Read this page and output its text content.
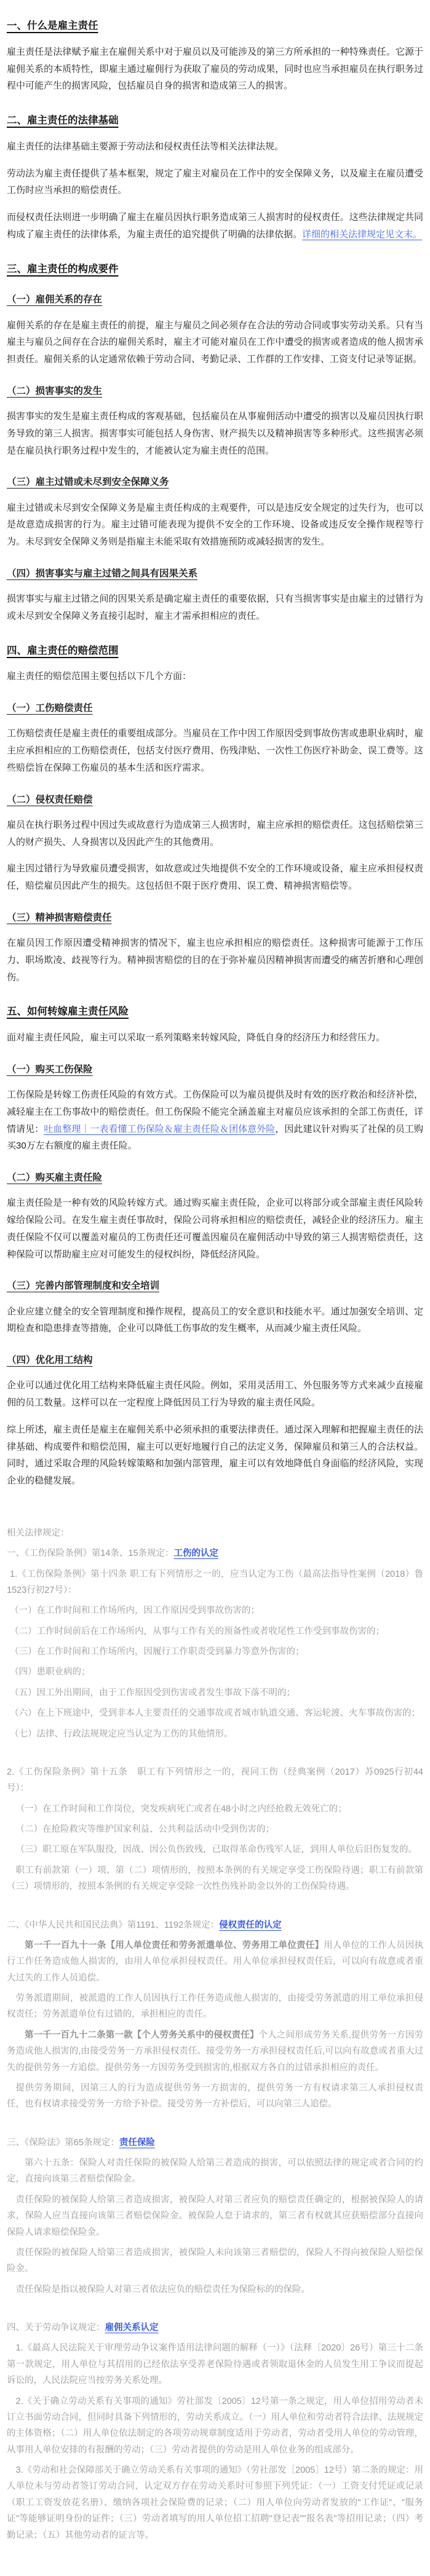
一、什么是雇主责任

雇主责任是法律赋予雇主在雇佣关系中对于雇员以及可能涉及的第三方所承担的一种特殊责任。它源于雇佣关系的本质特性，即雇主通过雇佣行为获取了雇员的劳动成果，同时也应当承担雇员在执行职务过程中可能产生的损害风险，包括雇员自身的损害和造成第三人的损害。

二、雇主责任的法律基础

雇主责任的法律基础主要源于劳动法和侵权责任法等相关法律法规。

劳动法为雇主责任提供了基本框架，规定了雇主对雇员在工作中的安全保障义务，以及雇主在雇员遭受工伤时应当承担的赔偿责任。

而侵权责任法则进一步明确了雇主在雇员因执行职务造成第三人损害时的侵权责任。这些法律规定共同构成了雇主责任的法律体系，为雇主责任的追究提供了明确的法律依据。详细的相关法律规定见文末。

三、雇主责任的构成要件
（一）雇佣关系的存在

雇佣关系的存在是雇主责任的前提，雇主与雇员之间必须存在合法的劳动合同或事实劳动关系。只有当雇主与雇员之间存在合法的雇佣关系时，雇主才可能对雇员在工作中遭受的损害或者造成的他人损害承担责任。雇佣关系的认定通常依赖于劳动合同、考勤记录、工作群的工作安排、工资支付记录等证据。

（二）损害事实的发生

损害事实的发生是雇主责任构成的客观基础，包括雇员在从事雇佣活动中遭受的损害以及雇员因执行职务导致的第三人损害。损害事实可能包括人身伤害、财产损失以及精神损害等多种形式。这些损害必须是在雇员执行职务过程中发生的，才能被认定为雇主责任的范围。

（三）雇主过错或未尽到安全保障义务

雇主过错或未尽到安全保障义务是雇主责任构成的主观要件，可以是违反安全规定的过失行为，也可以是故意造成损害的行为。雇主过错可能表现为提供不安全的工作环境、设备或违反安全操作规程等行为。未尽到安全保障义务则是指雇主未能采取有效措施预防或减轻损害的发生。

（四）损害事实与雇主过错之间具有因果关系

损害事实与雇主过错之间的因果关系是确定雇主责任的重要依据，只有当损害事实是由雇主的过错行为或未尽到安全保障义务直接引起时，雇主才需承担相应的责任。

四、雇主责任的赔偿范围

雇主责任的赔偿范围主要包括以下几个方面：

（一）工伤赔偿责任

工伤赔偿责任是雇主责任的重要组成部分。当雇员在工作中因工作原因受到事故伤害或患职业病时，雇主应承担相应的工伤赔偿责任，包括支付医疗费用、伤残津贴、一次性工伤医疗补助金、误工费等。这些赔偿旨在保障工伤雇员的基本生活和医疗需求。

（二）侵权责任赔偿

雇员在执行职务过程中因过失或故意行为造成第三人损害时，雇主应承担的赔偿责任。这包括赔偿第三人的财产损失、人身损害以及因此产生的其他费用。

雇主因过错行为导致雇员遭受损害，如故意或过失地提供不安全的工作环境或设备，雇主应承担侵权责任，赔偿雇员因此产生的损失。这包括但不限于医疗费用、误工费、精神损害赔偿等。

（三）精神损害赔偿责任

在雇员因工作原因遭受精神损害的情况下，雇主也应承担相应的赔偿责任。这种损害可能源于工作压力、职场欺凌、歧视等行为。精神损害赔偿的目的在于弥补雇员因精神损害而遭受的痛苦折磨和心理创伤。

五、如何转嫁雇主责任风险

面对雇主责任风险，雇主可以采取一系列策略来转嫁风险，降低自身的经济压力和经营压力。

（一）购买工伤保险

工伤保险是转嫁工伤责任风险的有效方式。工伤保险可以为雇员提供及时有效的医疗救治和经济补偿，减轻雇主在工伤事故中的赔偿责任。但工伤保险不能完全涵盖雇主对雇员应该承担的全部工伤责任，详情请见：吐血整理｜一表看懂工伤保险＆雇主责任险＆团体意外险，因此建议针对购买了社保的员工购买30万左右额度的雇主责任险。

（二）购买雇主责任险

雇主责任险是一种有效的风险转嫁方式。通过购买雇主责任险，企业可以将部分或全部雇主责任风险转嫁给保险公司。在发生雇主责任事故时，保险公司将承担相应的赔偿责任，减轻企业的经济压力。雇主责任保险不仅可以覆盖对雇员的工伤责任还可覆盖因雇员在雇佣活动中导致的第三人损害赔偿责任，这种保险可以帮助雇主应对可能发生的侵权纠纷，降低经济风险。

（三）完善内部管理制度和安全培训

企业应建立健全的安全管理制度和操作规程，提高员工的安全意识和技能水平。通过加强安全培训、定期检查和隐患排查等措施，企业可以降低工伤事故的发生概率，从而减少雇主责任风险。

（四）优化用工结构

企业可以通过优化用工结构来降低雇主责任风险。例如，采用灵活用工、外包服务等方式来减少直接雇佣的员工数量。这样可以在一定程度上降低因员工行为导致的雇主责任风险。

综上所述，雇主责任是雇主在雇佣关系中必须承担的重要法律责任。通过深入理解和把握雇主责任的法律基础、构成要件和赔偿范围，雇主可以更好地履行自己的法定义务，保障雇员和第三人的合法权益。同时，通过采取合理的风险转嫁策略和加强内部管理，雇主可以有效地降低自身面临的经济风险，实现企业的稳健发展。

相关法律规定：

一、《工伤保险条例》第14条、15条规定：工伤的认定

1.《工伤保险条例》第十四条 职工有下列情形之一的，应当认定为工伤（最高法指导性案例（2018）鲁1523行初27号）：

（一）在工作时间和工作场所内，因工作原因受到事故伤害的；

（二）工作时间前后在工作场所内，从事与工作有关的预备性或者收尾性工作受到事故伤害的；

（三）在工作时间和工作场所内，因履行工作职责受到暴力等意外伤害的；

（四）患职业病的；

（五）因工外出期间，由于工作原因受到伤害或者发生事故下落不明的；

（六）在上下班途中，受到非本人主要责任的交通事故或者城市轨道交通、客运轮渡、火车事故伤害的；

（七）法律、行政法规规定应当认定为工伤的其他情形。

2.《工伤保险条例》第十五条　职工有下列情形之一的，视同工伤（经典案例（2017）苏0925行初44号）：

（一）在工作时间和工作岗位，突发疾病死亡或者在48小时之内经抢救无效死亡的；

（二）在抢险救灾等维护国家利益、公共利益活动中受到伤害的；

（三）职工原在军队服役，因战、因公负伤致残，已取得革命伤残军人证，到用人单位后旧伤复发的。

职工有前款第（一）项、第（二）项情形的，按照本条例的有关规定享受工伤保险待遇；职工有前款第（三）项情形的，按照本条例的有关规定享受除一次性伤残补助金以外的工伤保险待遇。

二、《中华人民共和国民法典》第1191、1192条规定：侵权责任的认定

第一千一百九十一条【用人单位责任和劳务派遣单位、劳务用工单位责任】用人单位的工作人员因执行工作任务造成他人损害的，由用人单位承担侵权责任。用人单位承担侵权责任后，可以向有故意或者重大过失的工作人员追偿。

劳务派遣期间，被派遣的工作人员因执行工作任务造成他人损害的，由接受劳务派遣的用工单位承担侵权责任；劳务派遣单位有过错的，承担相应的责任。

第一千一百九十二条第一款【个人劳务关系中的侵权责任】个人之间形成劳务关系,提供劳务一方因劳务造成他人损害的,由接受劳务一方承担侵权责任。接受劳务一方承担侵权责任后,可以向有故意或者重大过失的提供劳务一方追偿。提供劳务一方因劳务受到损害的,根据双方各自的过错承担相应的责任。

提供劳务期间，因第三人的行为造成提供劳务一方损害的，提供劳务一方有权请求第三人承担侵权责任，也有权请求接受劳务一方给予补偿。接受劳务一方补偿后，可以向第三人追偿。

三、《保险法》第65条规定：责任保险

第六十五条：保险人对责任保险的被保险人给第三者造成的损害，可以依照法律的规定或者合同的约定，直接向该第三者赔偿保险金。

责任保险的被保险人给第三者造成损害，被保险人对第三者应负的赔偿责任确定的，根据被保险人的请求，保险人应当直接向该第三者赔偿保险金。被保险人怠于请求的，第三者有权就其应获赔偿部分直接向保险人请求赔偿保险金。

责任保险的被保险人给第三者造成损害，被保险人未向该第三者赔偿的，保险人不得向被保险人赔偿保险金。

责任保险是指以被保险人对第三者依法应负的赔偿责任为保险标的的保险。

四、关于劳动争议规定：雇佣关系认定

1.《最高人民法院关于审理劳动争议案件适用法律问题的解释（一）》（法释〔2020〕26号）第三十二条第一款规定，用人单位与其招用的已经依法享受养老保险待遇或者领取退休金的人员发生用工争议而提起诉讼的，人民法院应当按劳务关系处理。

2.《关于确立劳动关系有关事项的通知》劳社部发〔2005〕12号第一条之规定，用人单位招用劳动者未订立书面劳动合同，但同时具备下列情形的，劳动关系成立。（一）用人单位和劳动者符合法律、法规规定的主体资格；（二）用人单位依法制定的各项劳动规章制度适用于劳动者，劳动者受用人单位的劳动管理，从事用人单位安排的有报酬的劳动；（三）劳动者提供的劳动是用人单位业务的组成部分。

3.《劳动和社会保障部关于确立劳动关系有关事项的通知》（劳社部发［2005］12号）第二条的规定：用人单位未与劳动者签订劳动合同，认定双方存在劳动关系时可参照下列凭证：（一）工资支付凭证或记录（职工工资发放花名册）、缴纳各项社会保险费的记录；（二）用人单位向劳动者发放的"工作证"、"服务证"等能够证明身份的证件；（三）劳动者填写的用人单位招工招聘"登记表""报名表"等招用记录；（四）考勤记录；（五）其他劳动者的证言等。
